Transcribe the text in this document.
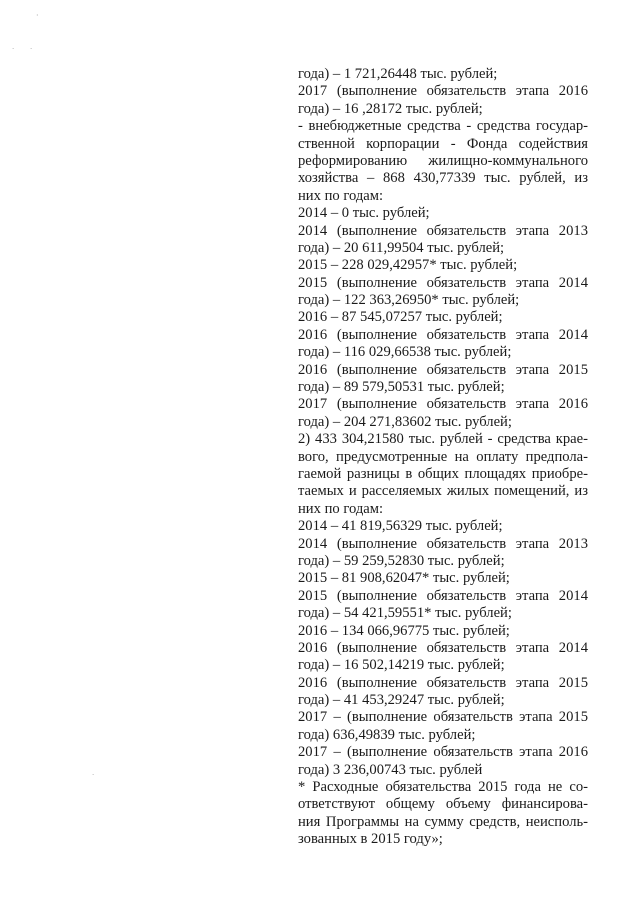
·
· ·
·
года) – 1 721,26448 тыс. рублей;
2017 (выполнение обязательств этапа 2016
года) – 16 ,28172 тыс. рублей;
- внебюджетные средства - средства государ-
ственной корпорации - Фонда содействия
реформированию жилищно-коммунального
хозяйства – 868 430,77339 тыс. рублей, из
них по годам:
2014 – 0 тыс. рублей;
2014 (выполнение обязательств этапа 2013
года) – 20 611,99504 тыс. рублей;
2015 – 228 029,42957* тыс. рублей;
2015 (выполнение обязательств этапа 2014
года) – 122 363,26950* тыс. рублей;
2016 – 87 545,07257 тыс. рублей;
2016 (выполнение обязательств этапа 2014
года) – 116 029,66538 тыс. рублей;
2016 (выполнение обязательств этапа 2015
года) – 89 579,50531 тыс. рублей;
2017 (выполнение обязательств этапа 2016
года) – 204 271,83602 тыс. рублей;
2) 433 304,21580 тыс. рублей - средства крае-
вого, предусмотренные на оплату предпола-
гаемой разницы в общих площадях приобре-
таемых и расселяемых жилых помещений, из
них по годам:
2014 – 41 819,56329 тыс. рублей;
2014 (выполнение обязательств этапа 2013
года) – 59 259,52830 тыс. рублей;
2015 – 81 908,62047* тыс. рублей;
2015 (выполнение обязательств этапа 2014
года) – 54 421,59551* тыс. рублей;
2016 – 134 066,96775 тыс. рублей;
2016 (выполнение обязательств этапа 2014
года) – 16 502,14219 тыс. рублей;
2016 (выполнение обязательств этапа 2015
года) – 41 453,29247 тыс. рублей;
2017 – (выполнение обязательств этапа 2015
года) 636,49839 тыс. рублей;
2017 – (выполнение обязательств этапа 2016
года) 3 236,00743 тыс. рублей
* Расходные обязательства 2015 года не со-
ответствуют общему объему финансирова-
ния Программы на сумму средств, неисполь-
зованных в 2015 году»;
